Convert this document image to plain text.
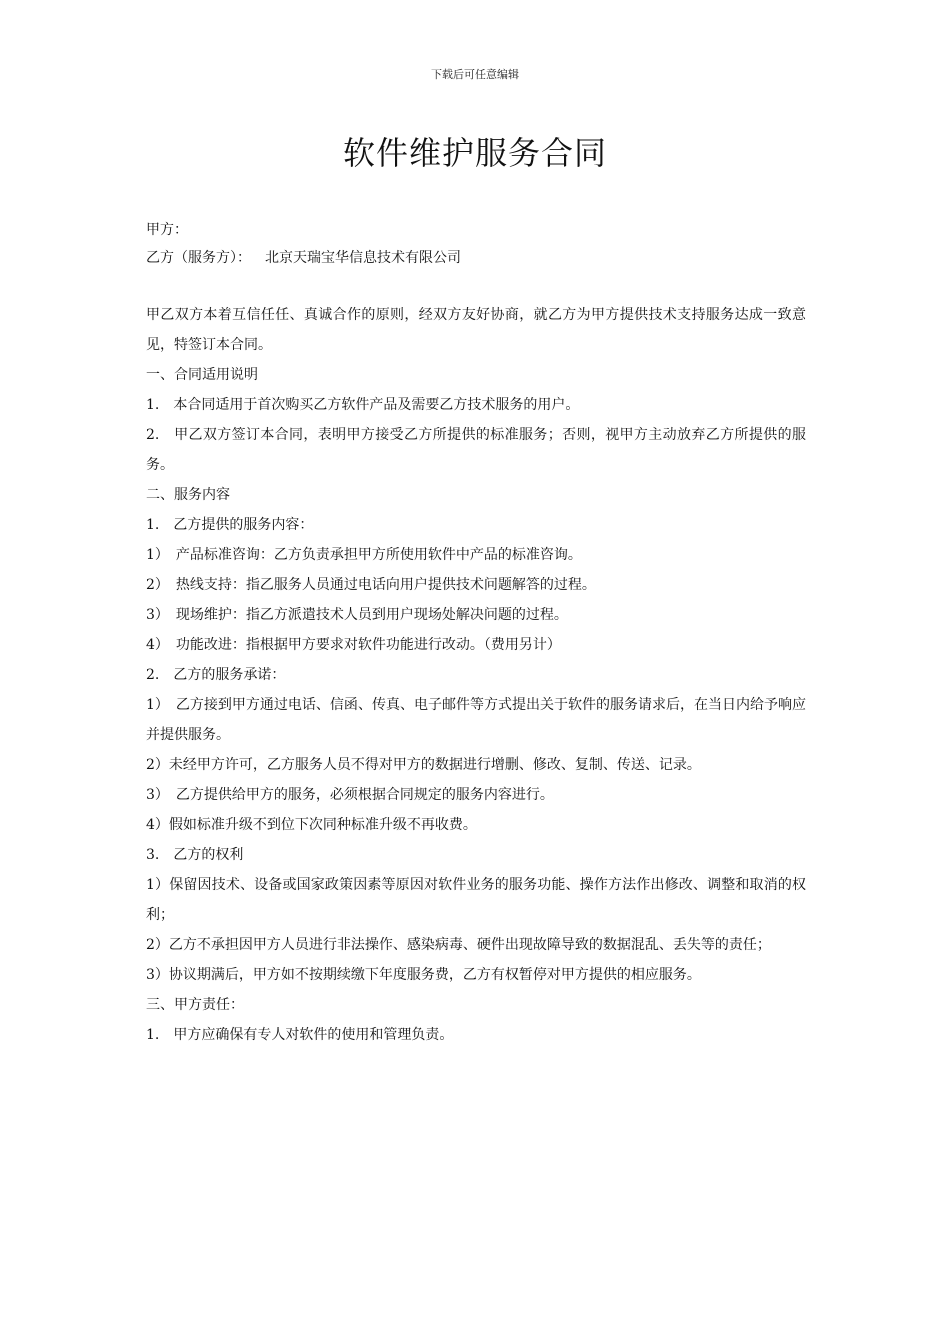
下载后可任意编辑
软件维护服务合同
甲方：
乙方（服务方）： 北京天瑞宝华信息技术有限公司

甲乙双方本着互信任任、真诚合作的原则，经双方友好协商，就乙方为甲方提供技术支持服务达成一致意见，特签订本合同。

一、合同适用说明

1.　本合同适用于首次购买乙方软件产品及需要乙方技术服务的用户。

2.　甲乙双方签订本合同，表明甲方接受乙方所提供的标准服务；否则，视甲方主动放弃乙方所提供的服务。

二、服务内容

1.　乙方提供的服务内容：

1）　产品标准咨询：乙方负责承担甲方所使用软件中产品的标准咨询。

2）　热线支持：指乙服务人员通过电话向用户提供技术问题解答的过程。

3）　现场维护：指乙方派遣技术人员到用户现场处解决问题的过程。

4）　功能改进：指根据甲方要求对软件功能进行改动。（费用另计）

2.　乙方的服务承诺：

1）　乙方接到甲方通过电话、信函、传真、电子邮件等方式提出关于软件的服务请求后，在当日内给予响应并提供服务。

2）未经甲方许可，乙方服务人员不得对甲方的数据进行增删、修改、复制、传送、记录。

3）　乙方提供给甲方的服务，必须根据合同规定的服务内容进行。

4）假如标准升级不到位下次同种标准升级不再收费。

3.　乙方的权利

1）保留因技术、设备或国家政策因素等原因对软件业务的服务功能、操作方法作出修改、调整和取消的权利；

2）乙方不承担因甲方人员进行非法操作、感染病毒、硬件出现故障导致的数据混乱、丢失等的责任；

3）协议期满后，甲方如不按期续缴下年度服务费，乙方有权暂停对甲方提供的相应服务。

三、甲方责任：

1.　甲方应确保有专人对软件的使用和管理负责。
